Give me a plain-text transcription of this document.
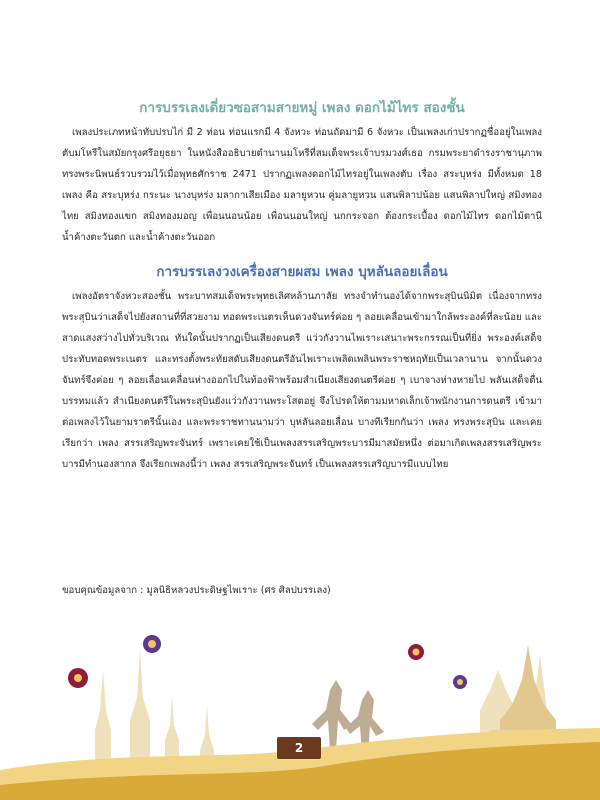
การบรรเลงเดี่ยวซอสามสายหมู่ เพลง ดอกไม้ไทร สองชั้น

เพลงประเภทหน้าทับปรบไก่ มี 2 ท่อน ท่อนแรกมี 4 จังหวะ ท่อนถัดมามี 6 จังหวะ เป็นเพลงเก่าปรากฏชื่ออยู่ในเพลงตับมโหรีในสมัยกรุงศรีอยุธยา ในหนังสืออธิบายตำนานมโหรีที่สมเด็จพระเจ้าบรมวงศ์เธอ กรมพระยาดำรงราชานุภาพ ทรงพระนิพนธ์รวบรวมไว้เมื่อพุทธศักราช 2471 ปรากฏเพลงดอกไม้ไทรอยู่ในเพลงตับ เรื่อง สระบุหร่ง มีทั้งหมด 18 เพลง คือ สระบุหร่ง กระนะ นางบุหร่ง มลากาเสียเมือง มลายูหวน คู่มลายูหวน แสนพิลาปน้อย แสนพิลาปใหญ่ สมิงทองไทย สมิงทองแขก สมิงทองมอญ เพื่อนนอนน้อย เพื่อนนอนใหญ่ นกกระจอก ต้องกระเบื้อง ดอกไม้ไทร ดอกไม้ตานี น้ำค้างตะวันตก และน้ำค้างตะวันออก

การบรรเลงวงเครื่องสายผสม เพลง บุหลันลอยเลื่อน

เพลงอัตราจังหวะสองชั้น พระบาทสมเด็จพระพุทธเลิศหล้านภาลัย ทรงจำทำนองได้จากพระสุบินนิมิต เนื่องจากทรงพระสุบินว่าเสด็จไปยังสถานที่ที่สวยงาม ทอดพระเนตรเห็นดวงจันทร์ค่อย ๆ ลอยเคลื่อนเข้ามาใกล้พระองค์ที่ละน้อย และสาดแสงสว่างไปทั่วบริเวณ ทันใดนั้นปรากฏเป็นเสียงดนตรี แว่วกังวานไพเราะเสนาะพระกรรณเป็นที่ยิ่ง พระองค์เสด็จประทับทอดพระเนตร และทรงตั้งพระทัยสดับเสียงดนตรีอันไพเราะเพลิดเพลินพระราชหฤทัยเป็นเวลานาน จากนั้นดวงจันทร์จึงค่อย ๆ ลอยเลื่อนเคลื่อนห่างออกไปในท้องฟ้าพร้อมสำเนียงเสียงดนตรีค่อย ๆ เบาจางห่างหายไป พลันเสด็จตื่นบรรทมแล้ว สำเนียงดนตรีในพระสุบินยังแว่วกังวานพระโสตอยู่ จึงโปรดให้ตามมหาดเล็กเจ้าพนักงานการดนตรี เข้ามาต่อเพลงไว้ในยามราตรีนั้นเอง และพระราชทานนามว่า บุหลันลอยเลื่อน บางทีเรียกกันว่า เพลง ทรงพระสุบิน และเคยเรียกว่า เพลง สรรเสริญพระจันทร์ เพราะเคยใช้เป็นเพลงสรรเสริญพระบารมีมาสมัยหนึ่ง ต่อมาเกิดเพลงสรรเสริญพระบารมีทำนองสากล จึงเรียกเพลงนี้ว่า เพลง สรรเสริญพระจันทร์ เป็นเพลงสรรเสริญบารมีแบบไทย

ขอบคุณข้อมูลจาก : มูลนิธิหลวงประดิษฐไพเราะ (ศร ศิลปบรรเลง)

2
